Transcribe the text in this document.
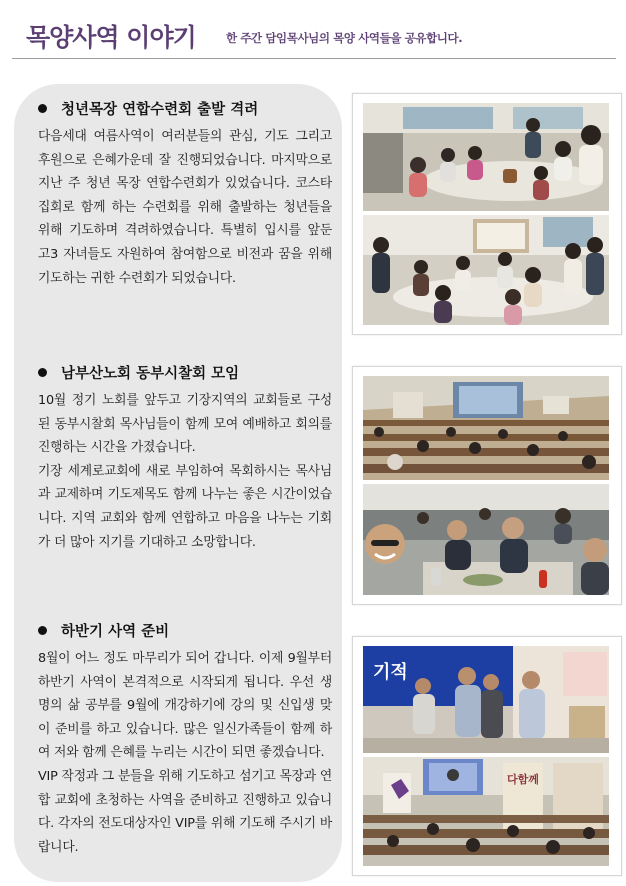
목양사역 이야기	한 주간 담임목사님의 목양 사역들을 공유합니다.
청년목장 연합수련회 출발 격려
다음세대 여름사역이 여러분들의 관심, 기도 그리고 후원으로 은혜가운데 잘 진행되었습니다. 마지막으로 지난 주 청년 목장 연합수련회가 있었습니다. 코스타 집회로 함께 하는 수련회를 위해 출발하는 청년들을 위해 기도하며 격려하였습니다. 특별히 입시를 앞둔 고3 자녀들도 자원하여 참여함으로 비전과 꿈을 위해 기도하는 귀한 수련회가 되었습니다.
남부산노회 동부시찰회 모임
10월 정기 노회를 앞두고 기장지역의 교회들로 구성된 동부시찰회 목사님들이 함께 모여 예배하고 회의를 진행하는 시간을 가졌습니다.
기장 세계로교회에 새로 부임하여 목회하시는 목사님과 교제하며 기도제목도 함께 나누는 좋은 시간이었습니다. 지역 교회와 함께 연합하고 마음을 나누는 기회가 더 많아 지기를 기대하고 소망합니다.
하반기 사역 준비
8월이 어느 정도 마무리가 되어 갑니다. 이제 9월부터 하반기 사역이 본격적으로 시작되게 됩니다. 우선 생명의 삶 공부를 9월에 개강하기에 강의 및 신입생 맞이 준비를 하고 있습니다. 많은 일신가족들이 함께 하여 저와 함께 은혜를 누리는 시간이 되면 좋겠습니다.
VIP 작정과 그 분들을 위해 기도하고 섬기고 목장과 연합 교회에 초청하는 사역을 준비하고 진행하고 있습니다. 각자의 전도대상자인 VIP를 위해 기도해 주시기 바랍니다.
기적
다함께
